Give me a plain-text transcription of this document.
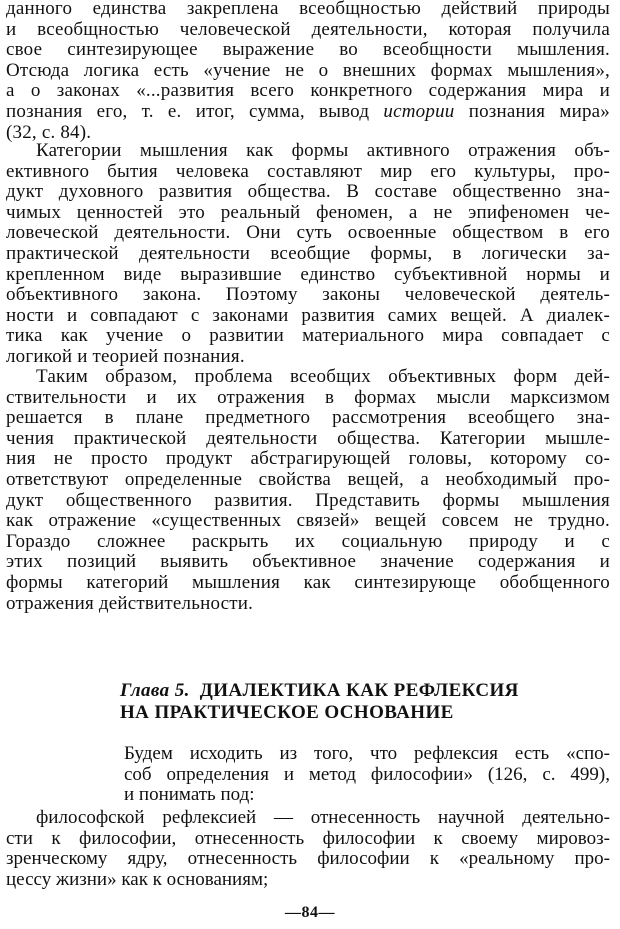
данного единства закреплена всеобщностью действий природы
и всеобщностью человеческой деятельности, которая получила
свое синтезирующее выражение во всеобщности мышления.
Отсюда логика есть «учение не о внешних формах мышления»,
а о законах «...развития всего конкретного содержания мира и
познания его, т. е. итог, сумма, вывод истории познания мира»
(32, с. 84).
Категории мышления как формы активного отражения объ-
ективного бытия человека составляют мир его культуры, про-
дукт духовного развития общества. В составе общественно зна-
чимых ценностей это реальный феномен, а не эпифеномен че-
ловеческой деятельности. Они суть освоенные обществом в его
практической деятельности всеобщие формы, в логически за-
крепленном виде выразившие единство субъективной нормы и
объективного закона. Поэтому законы человеческой деятель-
ности и совпадают с законами развития самих вещей. А диалек-
тика как учение о развитии материального мира совпадает с
логикой и теорией познания.
Таким образом, проблема всеобщих объективных форм дей-
ствительности и их отражения в формах мысли марксизмом
решается в плане предметного рассмотрения всеобщего зна-
чения практической деятельности общества. Категории мышле-
ния не просто продукт абстрагирующей головы, которому со-
ответствуют определенные свойства вещей, а необходимый про-
дукт общественного развития. Представить формы мышления
как отражение «существенных связей» вещей совсем не трудно.
Гораздо сложнее раскрыть их социальную природу и с
этих позиций выявить объективное значение содержания и
формы категорий мышления как синтезирующе обобщенного
отражения действительности.
Глава 5. ДИАЛЕКТИКА КАК РЕФЛЕКСИЯ
НА ПРАКТИЧЕСКОЕ ОСНОВАНИЕ
Будем исходить из того, что рефлексия есть «спо-
соб определения и метод философии» (126, с. 499),
и понимать под:
философской рефлексией — отнесенность научной деятельно-
сти к философии, отнесенность философии к своему мировоз-
зренческому ядру, отнесенность философии к «реальному про-
цессу жизни» как к основаниям;
—84—
